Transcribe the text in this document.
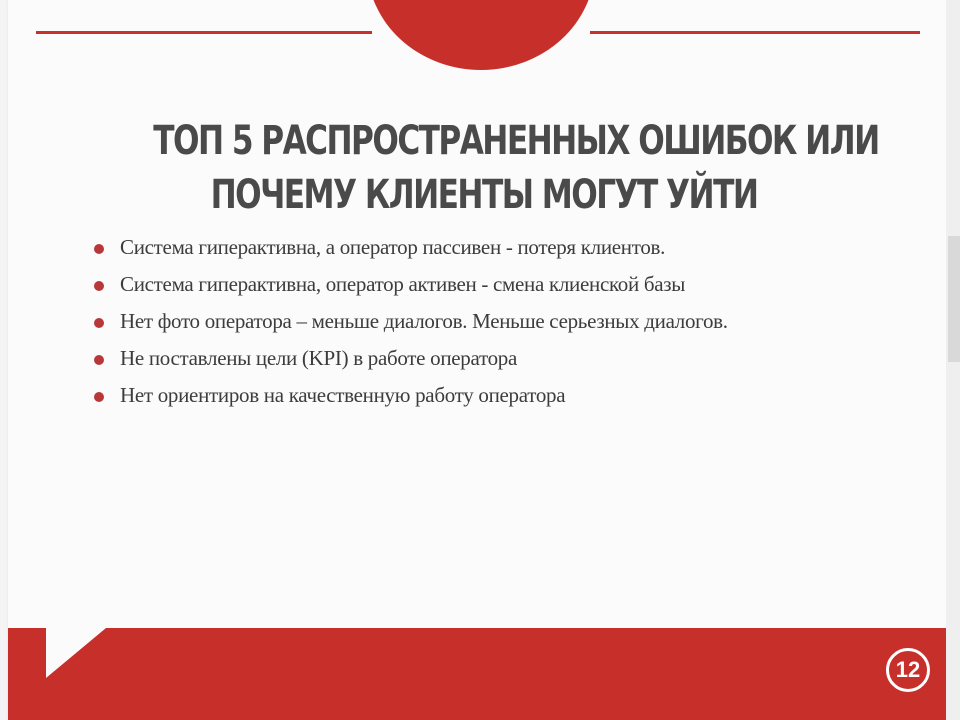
ТОП 5 РАСПРОСТРАНЕННЫХ ОШИБОК ИЛИ
ПОЧЕМУ КЛИЕНТЫ МОГУТ УЙТИ
Система гиперактивна, а оператор пассивен - потеря клиентов.
Система гиперактивна, оператор активен - смена клиенской базы
Нет фото оператора – меньше диалогов. Меньше серьезных диалогов.
Не поставлены цели (KPI) в работе оператора
Нет ориентиров на качественную работу оператора
12
